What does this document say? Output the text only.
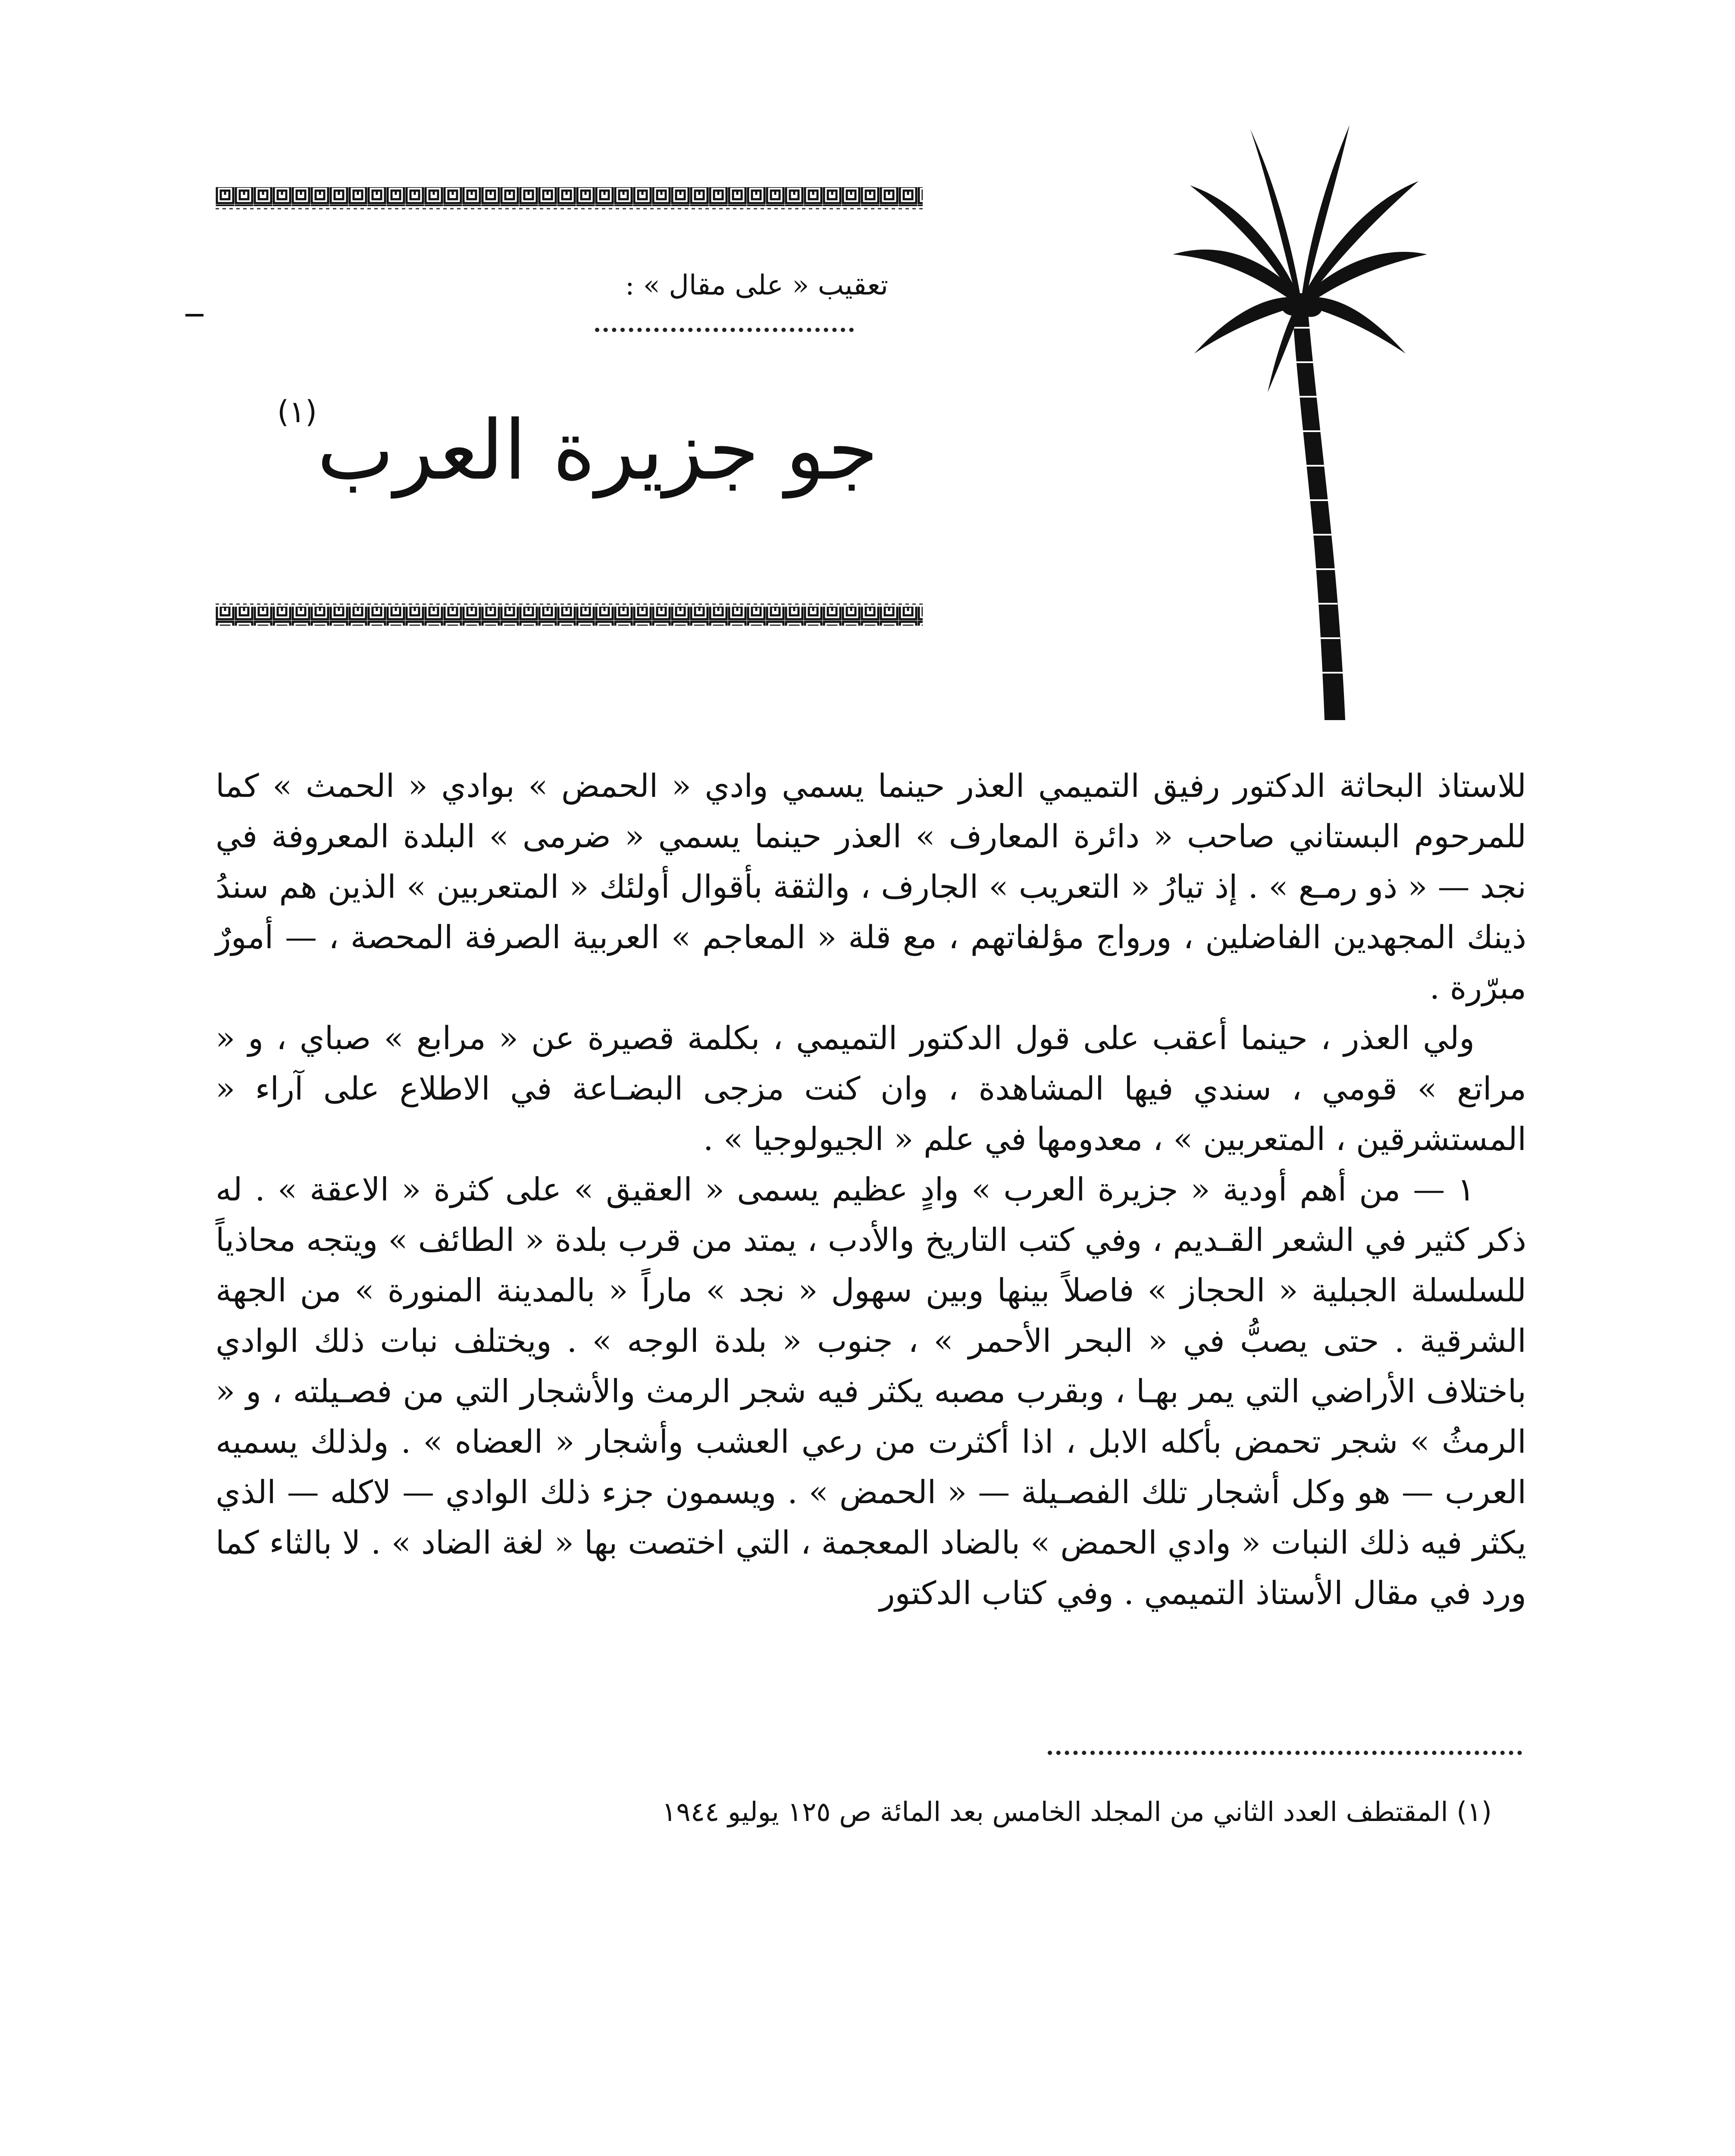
تعقيب « على مقال » :
جو جزيرة العرب$^{(١)}$

للاستاذ البحاثة الدكتور رفيق التميمي العذر حينما يسمي وادي « الحمض » بوادي « الحمث » كما للمرحوم البستاني صاحب « دائرة المعارف » العذر حينما يسمي « ضرمى » البلدة المعروفة في نجد — « ذو رمـع » . إذ تيارُ « التعريب » الجارف ، والثقة بأقوال أولئك « المتعربين » الذين هم سندُ ذينك المجهدين الفاضلين ، ورواج مؤلفاتهم ، مع قلة « المعاجم » العربية الصرفة المحصة ، — أمورٌ مبرّرة .

ولي العذر ، حينما أعقب على قول الدكتور التميمي ، بكلمة قصيرة عن « مرابع » صباي ، و « مراتع » قومي ، سندي فيها المشاهدة ، وان كنت مزجى البضـاعة في الاطلاع على آراء « المستشرقين ، المتعربين » ، معدومها في علم « الجيولوجيا » .

١ — من أهم أودية « جزيرة العرب » وادٍ عظيم يسمى « العقيق » على كثرة « الاعقة » . له ذكر كثير في الشعر القـديم ، وفي كتب التاريخ والأدب ، يمتد من قرب بلدة « الطائف » ويتجه محاذياً للسلسلة الجبلية « الحجاز » فاصلاً بينها وبين سهول « نجد » ماراً « بالمدينة المنورة » من الجهة الشرقية . حتى يصبُّ في « البحر الأحمر » ، جنوب « بلدة الوجه » . ويختلف نبات ذلك الوادي باختلاف الأراضي التي يمر بهـا ، وبقرب مصبه يكثر فيه شجر الرمث والأشجار التي من فصـيلته ، و « الرمثُ » شجر تحمض بأكله الابل ، اذا أكثرت من رعي العشب وأشجار « العضاه » . ولذلك يسميه العرب — هو وكل أشجار تلك الفصـيلة — « الحمض » . ويسمون جزء ذلك الوادي — لاكله — الذي يكثر فيه ذلك النبات « وادي الحمض » بالضاد المعجمة ، التي اختصت بها « لغة الضاد » . لا بالثاء كما ورد في مقال الأستاذ التميمي . وفي كتاب الدكتور

(١) المقتطف العدد الثاني من المجلد الخامس بعد المائة ص ١٢٥ يوليو ١٩٤٤
